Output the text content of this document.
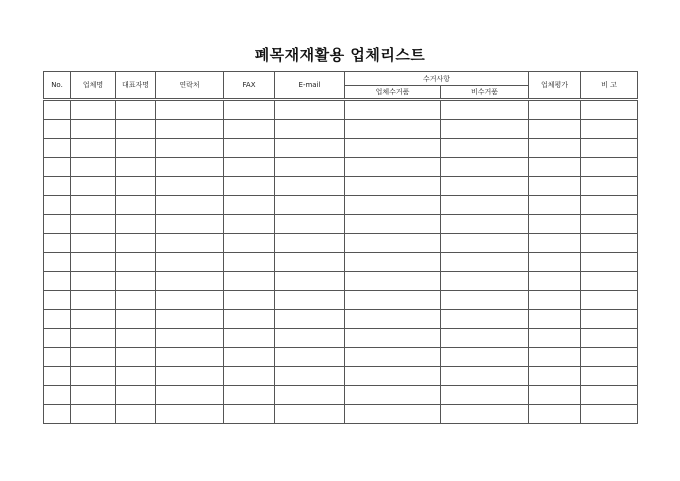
폐목재재활용 업체리스트
No.	업체명	대표자명	연락처	FAX	E-mail	수거사항		업체평가	비 고
						업체수거품	비수거품		
